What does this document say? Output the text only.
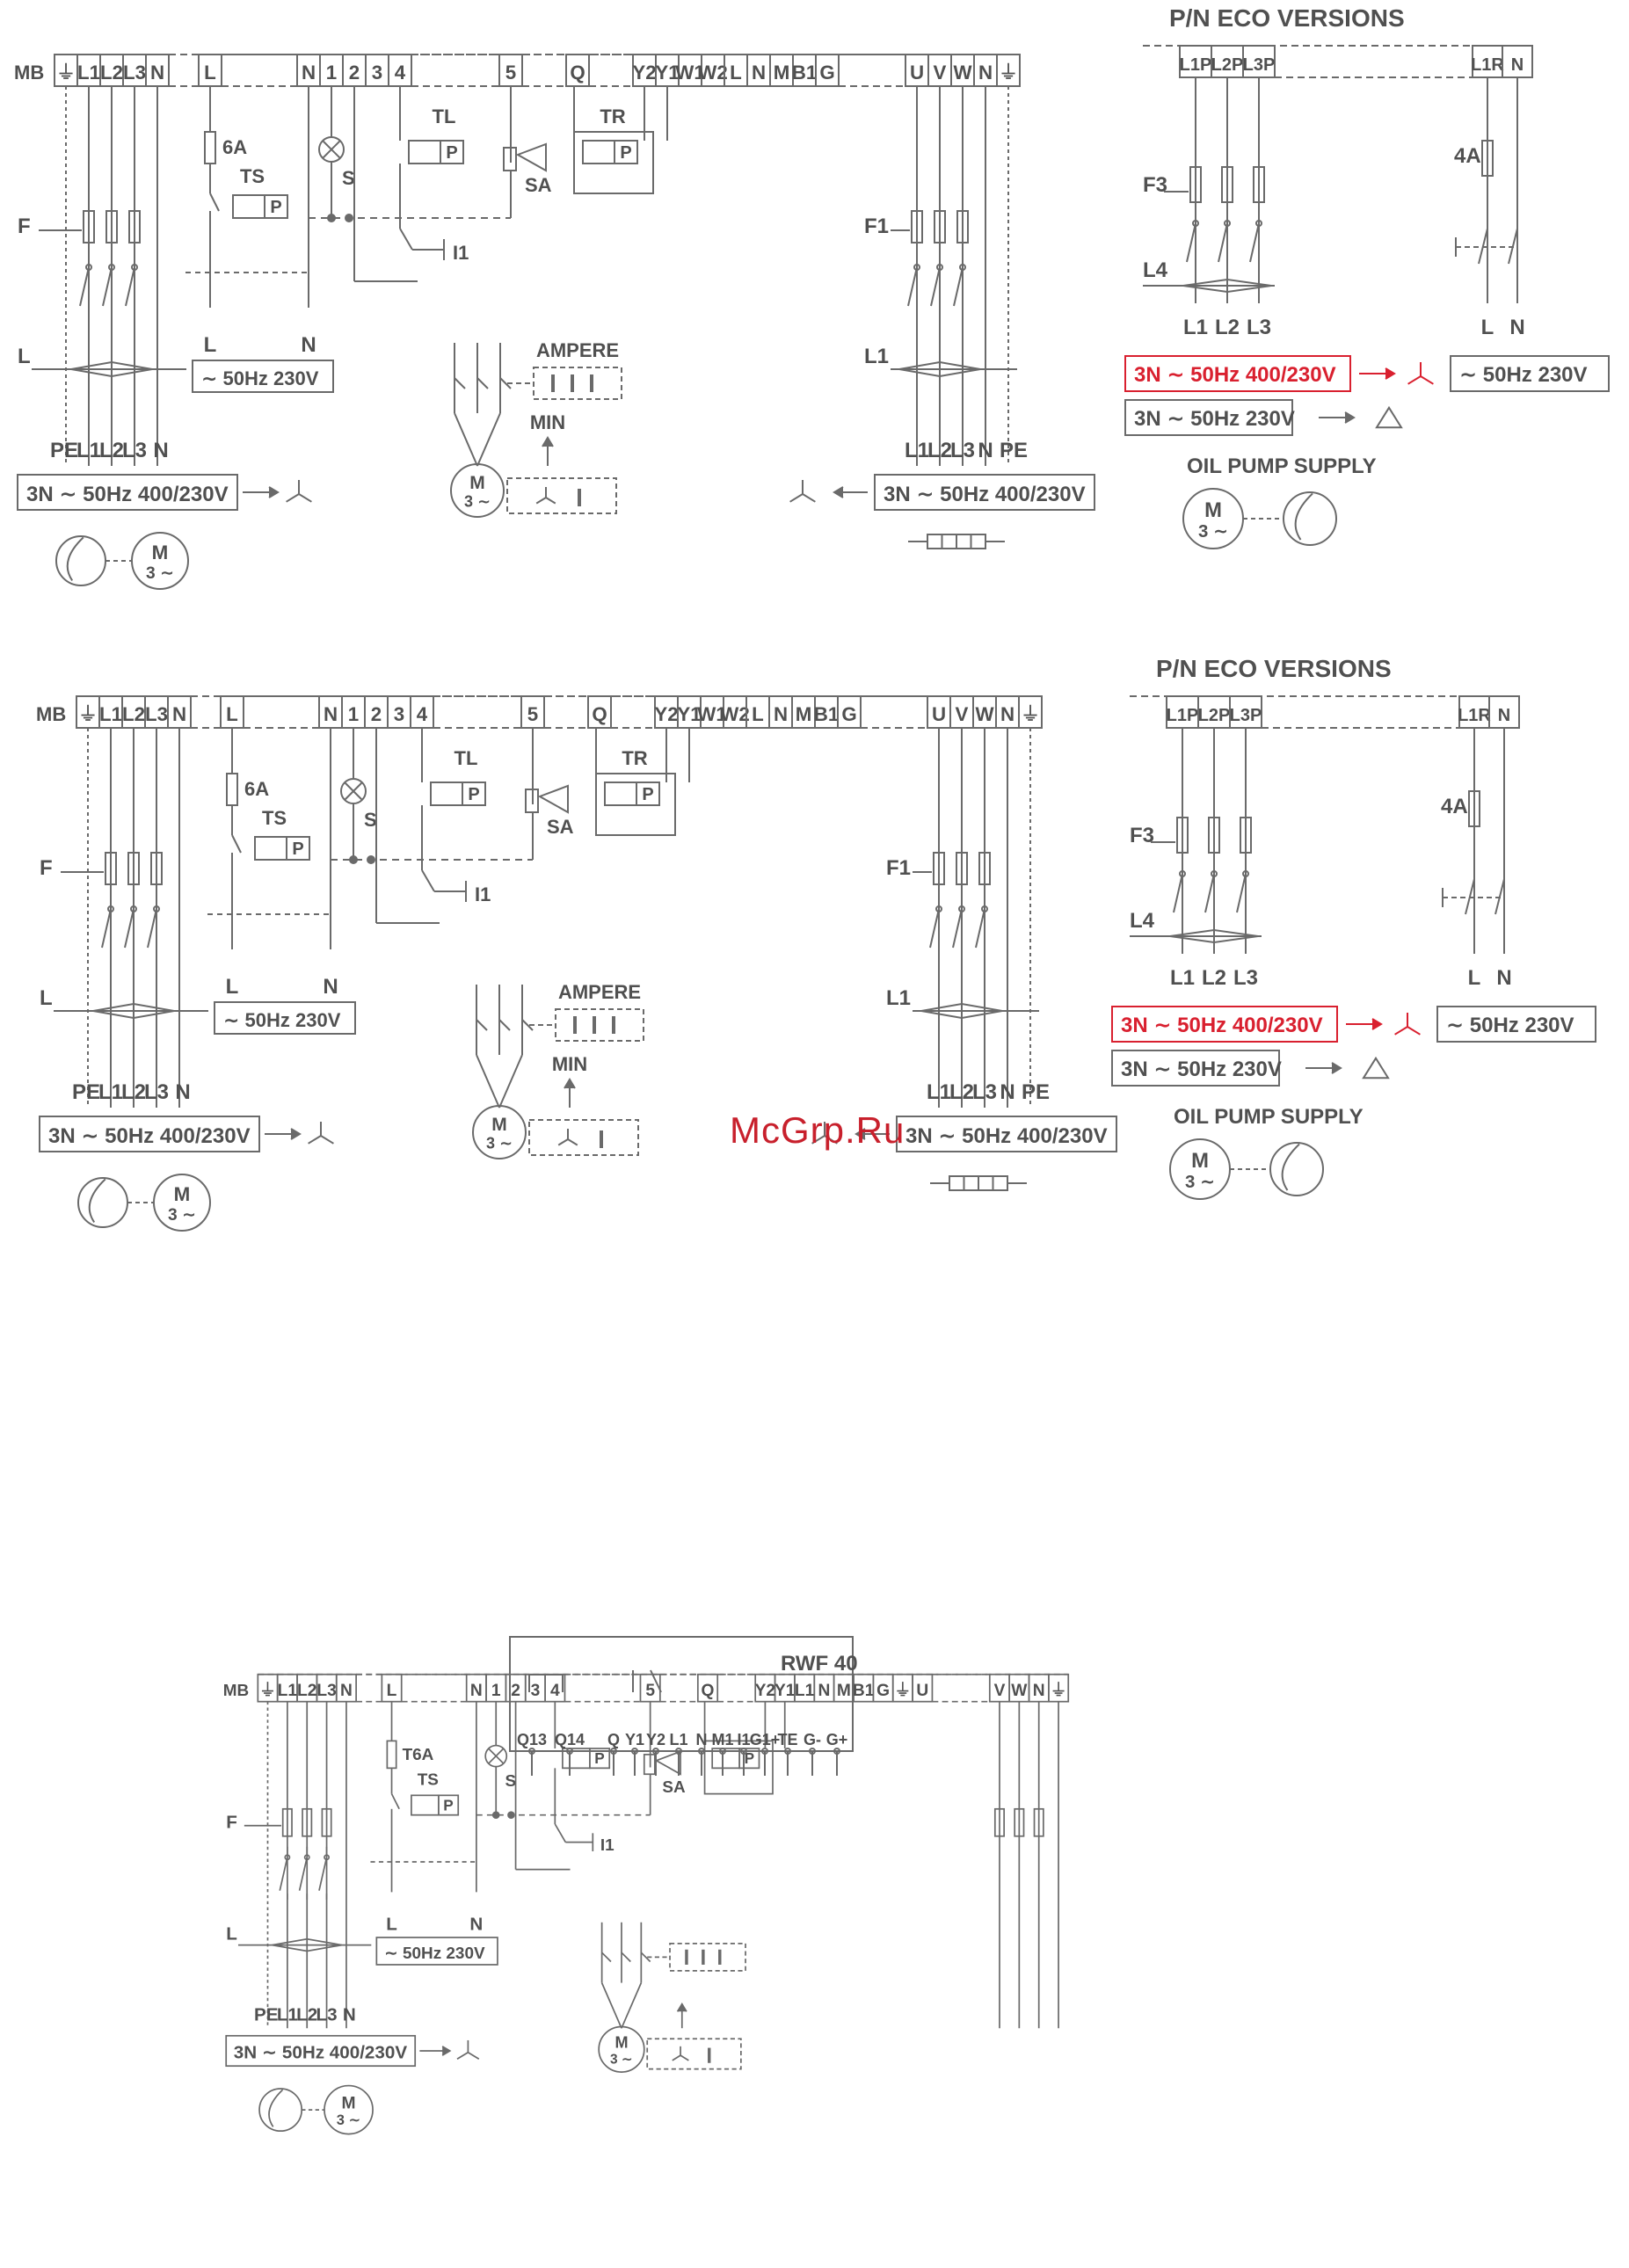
MB ⏚ L1 L2 L3 N L	N 1 2 3 4	5	Q Y2
Y1
W1
W2 L N M B1 G	U V W N ⏚
F
L
PE
L1
L2
L3 N
3N ∼ 50Hz 400/230V
M
3 ∼
6A
TS
P
L	N
∼ 50Hz 230V
S
TL
P
I1
SA
TR
P
M
3 ∼
AMPERE
MIN
F1
L1
L1
L2
L3 N PE
3N ∼ 50Hz 400/230V
P/N ECO VERSIONS
L1P L2P L3P	L1R N
F3
L4
L1 L2 L3
4A
L N
3N ∼ 50Hz 400/230V	∼ 50Hz 230V
3N ∼ 50Hz 230V
OIL PUMP SUPPLY
M
3 ∼
MB ⏚ L1 L2 L3 N L	N 1 2 3 4	5	Q Y2
Y1
W1
W2 L N M B1 G	U V W N ⏚
F
L
PE
L1
L2
L3 N
3N ∼ 50Hz 400/230V
M
3 ∼
6A
TS
P
L	N
∼ 50Hz 230V
S
TL
P
I1
SA
TR
P
M
3 ∼
AMPERE
MIN
F1
L1
L1
L2
L3 N PE
3N ∼ 50Hz 400/230V
P/N ECO VERSIONS
L1P L2P L3P	L1R N
F3
L4
L1 L2 L3
4A
L N
3N ∼ 50Hz 400/230V	∼ 50Hz 230V
3N ∼ 50Hz 230V
OIL PUMP SUPPLY
M
3 ∼
MB ⏚ L1 L2 L3 N L	N 1 2 3 4	5 Q Y2
Y1 L1 N M B1 G ⏚ U	V W N ⏚
F
L
PE
L1
L2
L3 N
3N ∼ 50Hz 400/230V
M
3 ∼
T6A
TS
P
L	N
∼ 50Hz 230V
S
P
I1
SA
P
M
3 ∼
RWF 40
Q13 Q14 Q Y1 Y2 L1 N M1 I1 G1+
TE G- G+
McGrp.Ru
